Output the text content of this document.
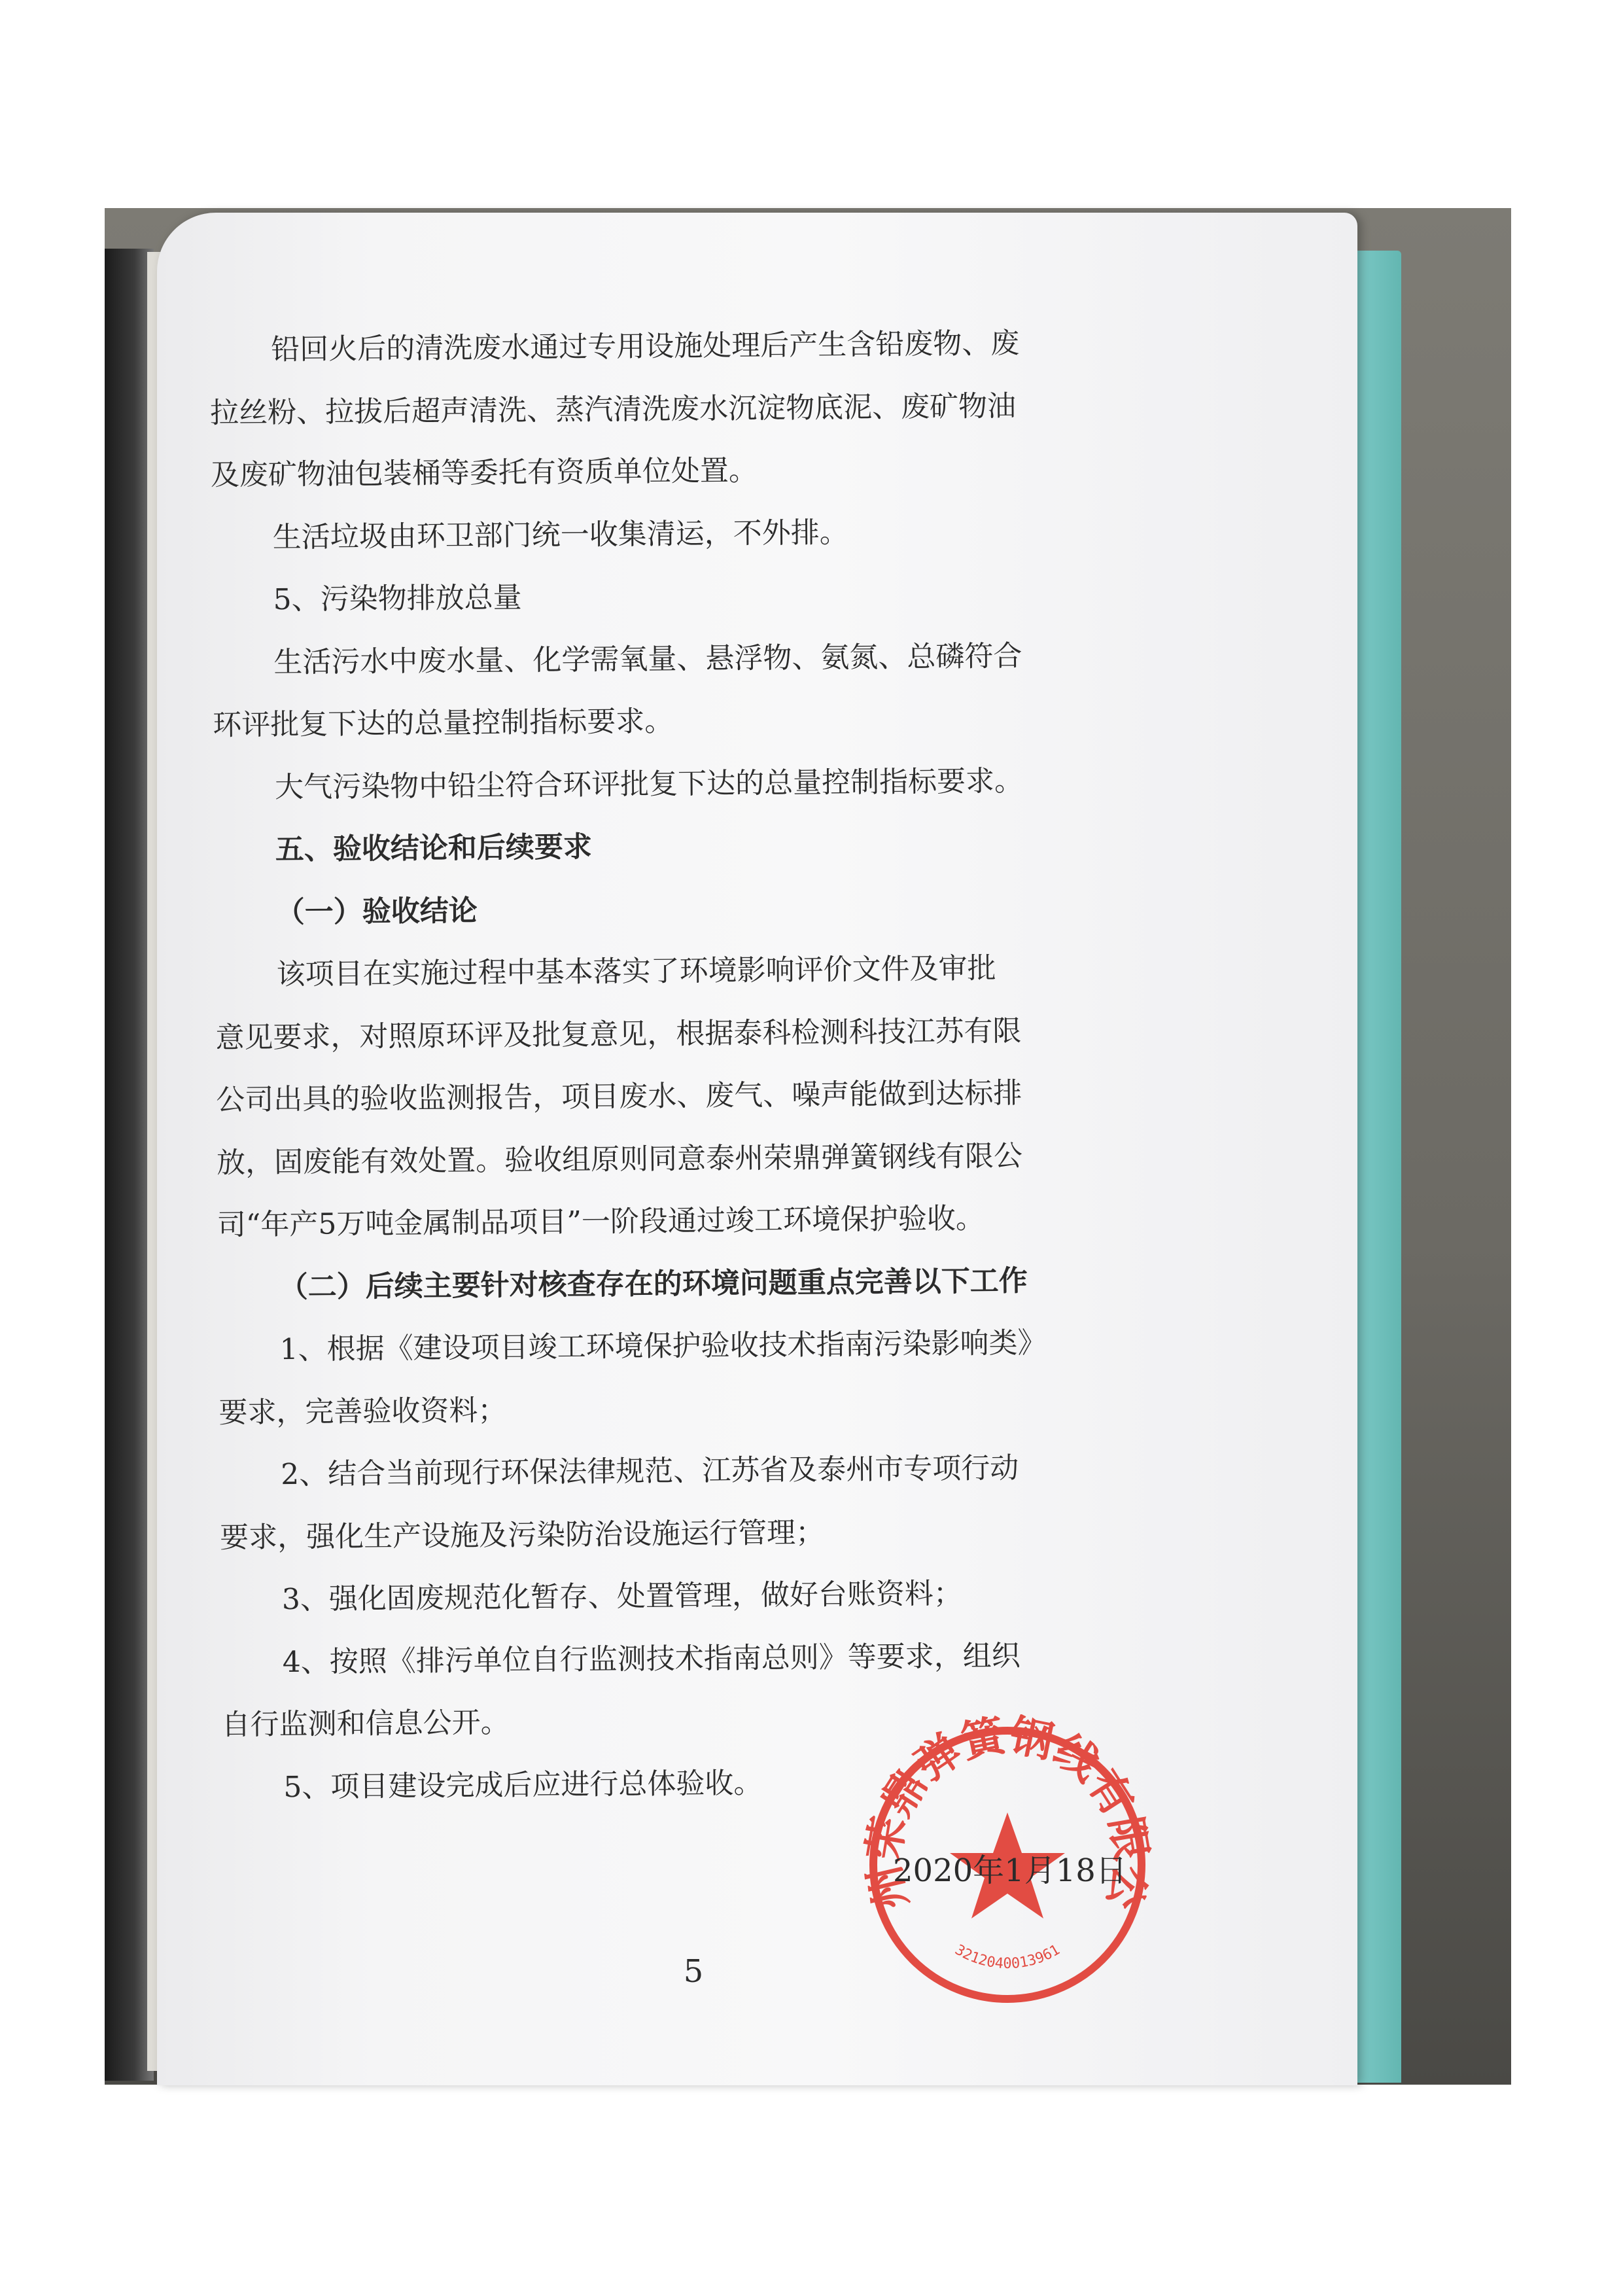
铅回火后的清洗废水通过专用设施处理后产生含铅废物、废
拉丝粉、拉拔后超声清洗、蒸汽清洗废水沉淀物底泥、废矿物油
及废矿物油包装桶等委托有资质单位处置。
生活垃圾由环卫部门统一收集清运，不外排。
5、污染物排放总量
生活污水中废水量、化学需氧量、悬浮物、氨氮、总磷符合
环评批复下达的总量控制指标要求。
大气污染物中铅尘符合环评批复下达的总量控制指标要求。
五、验收结论和后续要求
（一）验收结论
该项目在实施过程中基本落实了环境影响评价文件及审批
意见要求，对照原环评及批复意见，根据泰科检测科技江苏有限
公司出具的验收监测报告，项目废水、废气、噪声能做到达标排
放，固废能有效处置。验收组原则同意泰州荣鼎弹簧钢线有限公
司“年产5万吨金属制品项目”一阶段通过竣工环境保护验收。
（二）后续主要针对核查存在的环境问题重点完善以下工作
1、根据《建设项目竣工环境保护验收技术指南污染影响类》
要求，完善验收资料；
2、结合当前现行环保法律规范、江苏省及泰州市专项行动
要求，强化生产设施及污染防治设施运行管理；
3、强化固废规范化暂存、处置管理，做好台账资料；
4、按照《排污单位自行监测技术指南总则》等要求，组织
自行监测和信息公开。
5、项目建设完成后应进行总体验收。
州荣鼎弹簧钢线有限公
3212040013961
2020年1月18日
5
